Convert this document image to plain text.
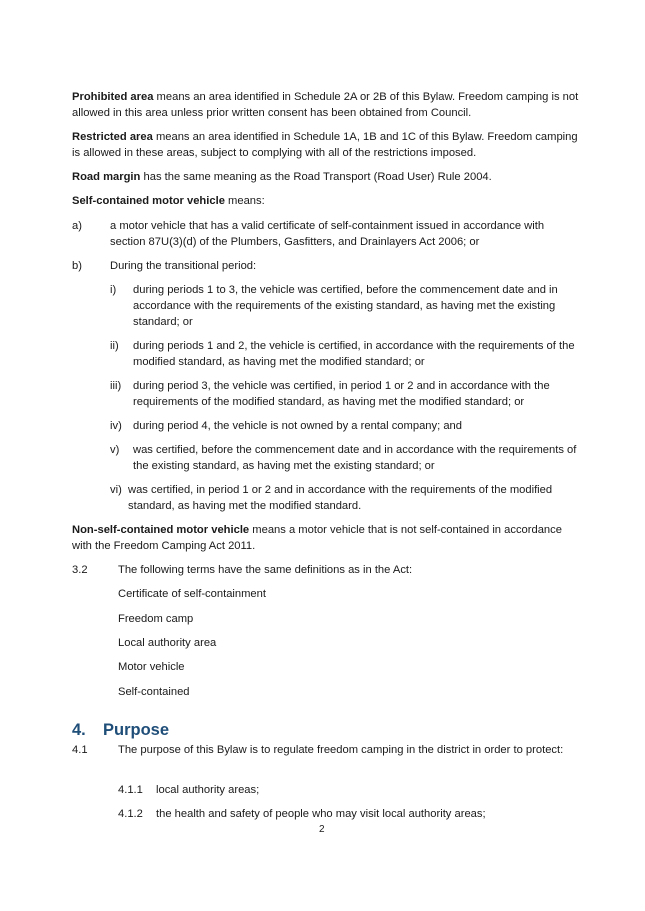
Prohibited area means an area identified in Schedule 2A or 2B of this Bylaw. Freedom camping is not allowed in this area unless prior written consent has been obtained from Council.

Restricted area means an area identified in Schedule 1A, 1B and 1C of this Bylaw. Freedom camping is allowed in these areas, subject to complying with all of the restrictions imposed.

Road margin has the same meaning as the Road Transport (Road User) Rule 2004.

Self-contained motor vehicle means:

a)	a motor vehicle that has a valid certificate of self-containment issued in accordance with section 87U(3)(d) of the Plumbers, Gasfitters, and Drainlayers Act 2006; or

b)	During the transitional period:

i) during periods 1 to 3, the vehicle was certified, before the commencement date and in accordance with the requirements of the existing standard, as having met the existing standard; or

ii) during periods 1 and 2, the vehicle is certified, in accordance with the requirements of the modified standard, as having met the modified standard; or

iii) during period 3, the vehicle was certified, in period 1 or 2 and in accordance with the requirements of the modified standard, as having met the modified standard; or

iv) during period 4, the vehicle is not owned by a rental company; and

v) was certified, before the commencement date and in accordance with the requirements of the existing standard, as having met the existing standard; or

vi) was certified, in period 1 or 2 and in accordance with the requirements of the modified standard, as having met the modified standard.

Non-self-contained motor vehicle means a motor vehicle that is not self-contained in accordance with the Freedom Camping Act 2011.

3.2	The following terms have the same definitions as in the Act:

Certificate of self-containment

Freedom camp

Local authority area

Motor vehicle

Self-contained

4. Purpose
4.1	The purpose of this Bylaw is to regulate freedom camping in the district in order to protect:

4.1.1 local authority areas;

4.1.2 the health and safety of people who may visit local authority areas;

2
